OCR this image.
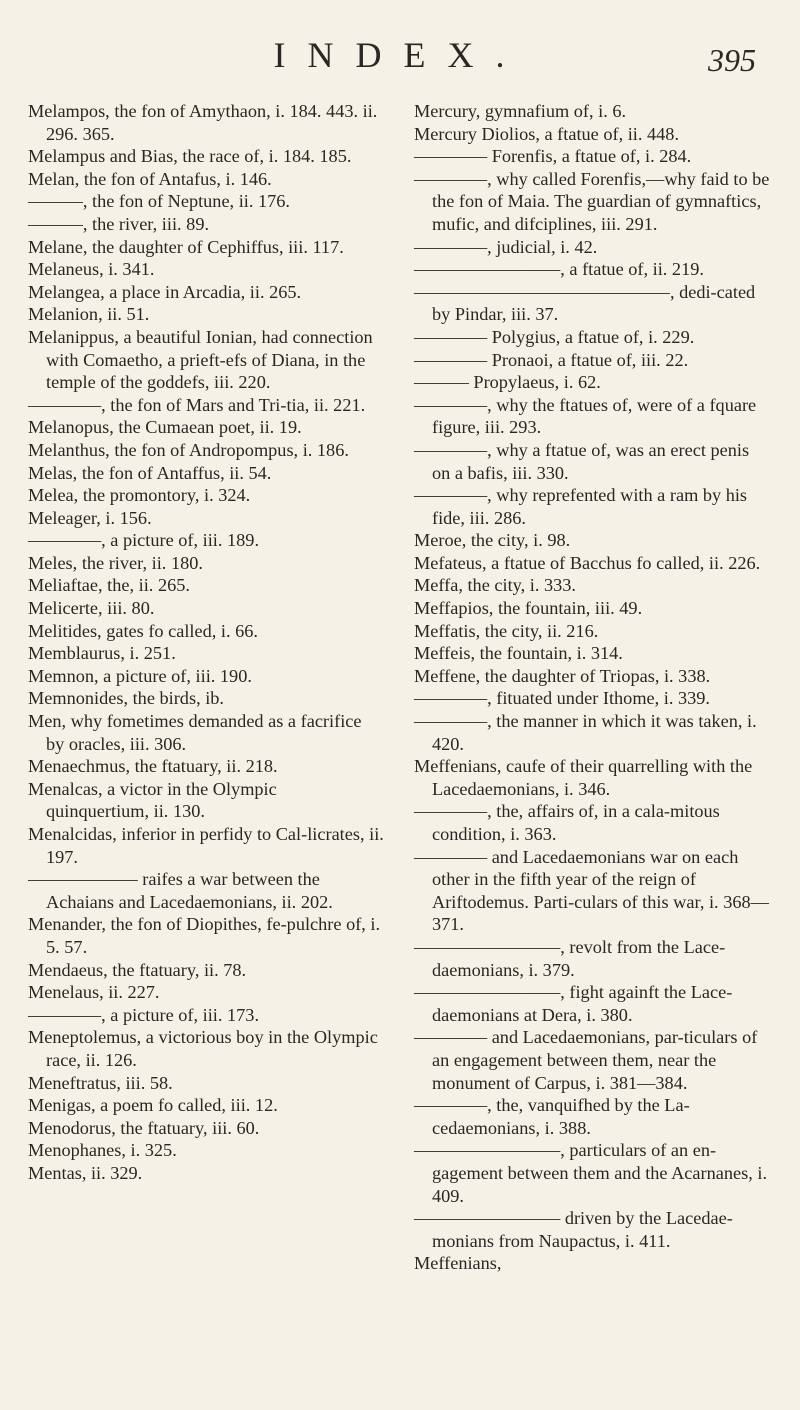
INDEX.	395

Melampos, the fon of Amythaon, i. 184. 443. ii. 296. 365.

Melampus and Bias, the race of, i. 184. 185.

Melan, the fon of Antafus, i. 146.

———, the fon of Neptune, ii. 176.

———, the river, iii. 89.

Melane, the daughter of Cephiffus, iii. 117.

Melaneus, i. 341.

Melangea, a place in Arcadia, ii. 265.

Melanion, ii. 51.

Melanippus, a beautiful Ionian, had connection with Comaetho, a prieft-efs of Diana, in the temple of the goddefs, iii. 220.

————, the fon of Mars and Tri-tia, ii. 221.

Melanopus, the Cumaean poet, ii. 19.

Melanthus, the fon of Andropompus, i. 186.

Melas, the fon of Antaffus, ii. 54.

Melea, the promontory, i. 324.

Meleager, i. 156.

————, a picture of, iii. 189.

Meles, the river, ii. 180.

Meliaftae, the, ii. 265.

Melicerte, iii. 80.

Melitides, gates fo called, i. 66.

Memblaurus, i. 251.

Memnon, a picture of, iii. 190.

Memnonides, the birds, ib.

Men, why fometimes demanded as a facrifice by oracles, iii. 306.

Menaechmus, the ftatuary, ii. 218.

Menalcas, a victor in the Olympic quinquertium, ii. 130.

Menalcidas, inferior in perfidy to Cal-licrates, ii. 197.

—————— raifes a war between the Achaians and Lacedaemonians, ii. 202.

Menander, the fon of Diopithes, fe-pulchre of, i. 5. 57.

Mendaeus, the ftatuary, ii. 78.

Menelaus, ii. 227.

————, a picture of, iii. 173.

Meneptolemus, a victorious boy in the Olympic race, ii. 126.

Meneftratus, iii. 58.

Menigas, a poem fo called, iii. 12.

Menodorus, the ftatuary, iii. 60.

Menophanes, i. 325.

Mentas, ii. 329.

Mercury, gymnafium of, i. 6.

Mercury Diolios, a ftatue of, ii. 448.

———— Forenfis, a ftatue of, i. 284.

————, why called Forenfis,—why faid to be the fon of Maia. The guardian of gymnaftics, mufic, and difciplines, iii. 291.

————, judicial, i. 42.

————————, a ftatue of, ii. 219.

——————————————, dedi-cated by Pindar, iii. 37.

———— Polygius, a ftatue of, i. 229.

———— Pronaoi, a ftatue of, iii. 22.

——— Propylaeus, i. 62.

————, why the ftatues of, were of a fquare figure, iii. 293.

————, why a ftatue of, was an erect penis on a bafis, iii. 330.

————, why reprefented with a ram by his fide, iii. 286.

Meroe, the city, i. 98.

Mefateus, a ftatue of Bacchus fo called, ii. 226.

Meffa, the city, i. 333.

Meffapios, the fountain, iii. 49.

Meffatis, the city, ii. 216.

Meffeis, the fountain, i. 314.

Meffene, the daughter of Triopas, i. 338.

————, fituated under Ithome, i. 339.

————, the manner in which it was taken, i. 420.

Meffenians, caufe of their quarrelling with the Lacedaemonians, i. 346.

————, the, affairs of, in a cala-mitous condition, i. 363.

———— and Lacedaemonians war on each other in the fifth year of the reign of Ariftodemus. Parti-culars of this war, i. 368—371.

————————, revolt from the Lace-daemonians, i. 379.

————————, fight againft the Lace-daemonians at Dera, i. 380.

———— and Lacedaemonians, par-ticulars of an engagement between them, near the monument of Carpus, i. 381—384.

————, the, vanquifhed by the La-cedaemonians, i. 388.

————————, particulars of an en-gagement between them and the Acarnanes, i. 409.

———————— driven by the Lacedae-monians from Naupactus, i. 411.

Meffenians,
